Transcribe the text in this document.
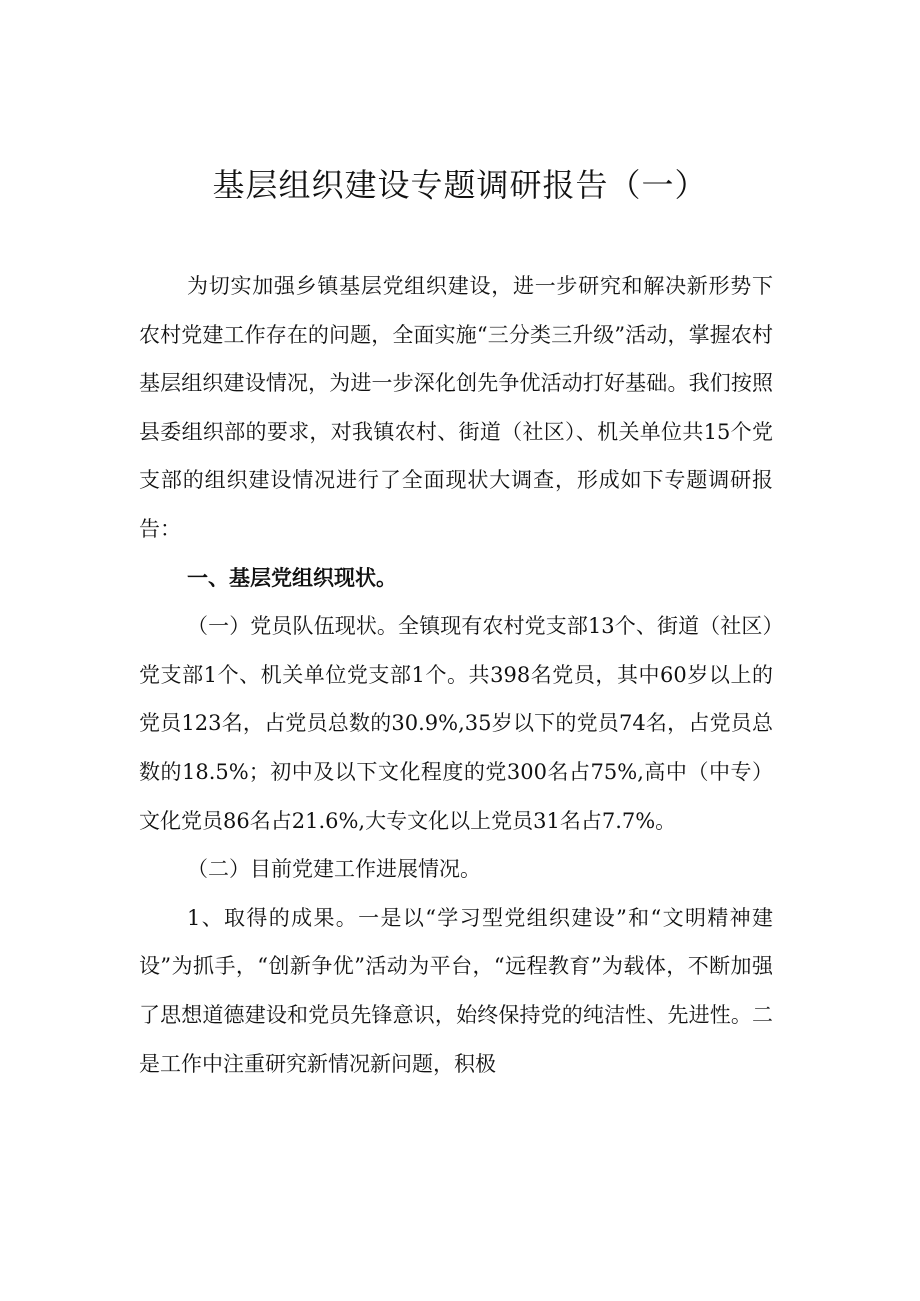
基层组织建设专题调研报告（一）

为切实加强乡镇基层党组织建设，进一步研究和解决新形势下农村党建工作存在的问题，全面实施“三分类三升级”活动，掌握农村基层组织建设情况，为进一步深化创先争优活动打好基础。我们按照县委组织部的要求，对我镇农村、街道（社区）、机关单位共15个党支部的组织建设情况进行了全面现状大调查，形成如下专题调研报告：

一、基层党组织现状。

（一）党员队伍现状。全镇现有农村党支部13个、街道（社区）党支部1个、机关单位党支部1个。共398名党员，其中60岁以上的党员123名，占党员总数的30.9%,35岁以下的党员74名，占党员总数的18.5%；初中及以下文化程度的党300名占75%,高中（中专）文化党员86名占21.6%,大专文化以上党员31名占7.7%。

（二）目前党建工作进展情况。

1、取得的成果。一是以“学习型党组织建设”和“文明精神建设”为抓手，“创新争优”活动为平台，“远程教育”为载体，不断加强了思想道德建设和党员先锋意识，始终保持党的纯洁性、先进性。二是工作中注重研究新情况新问题，积极
